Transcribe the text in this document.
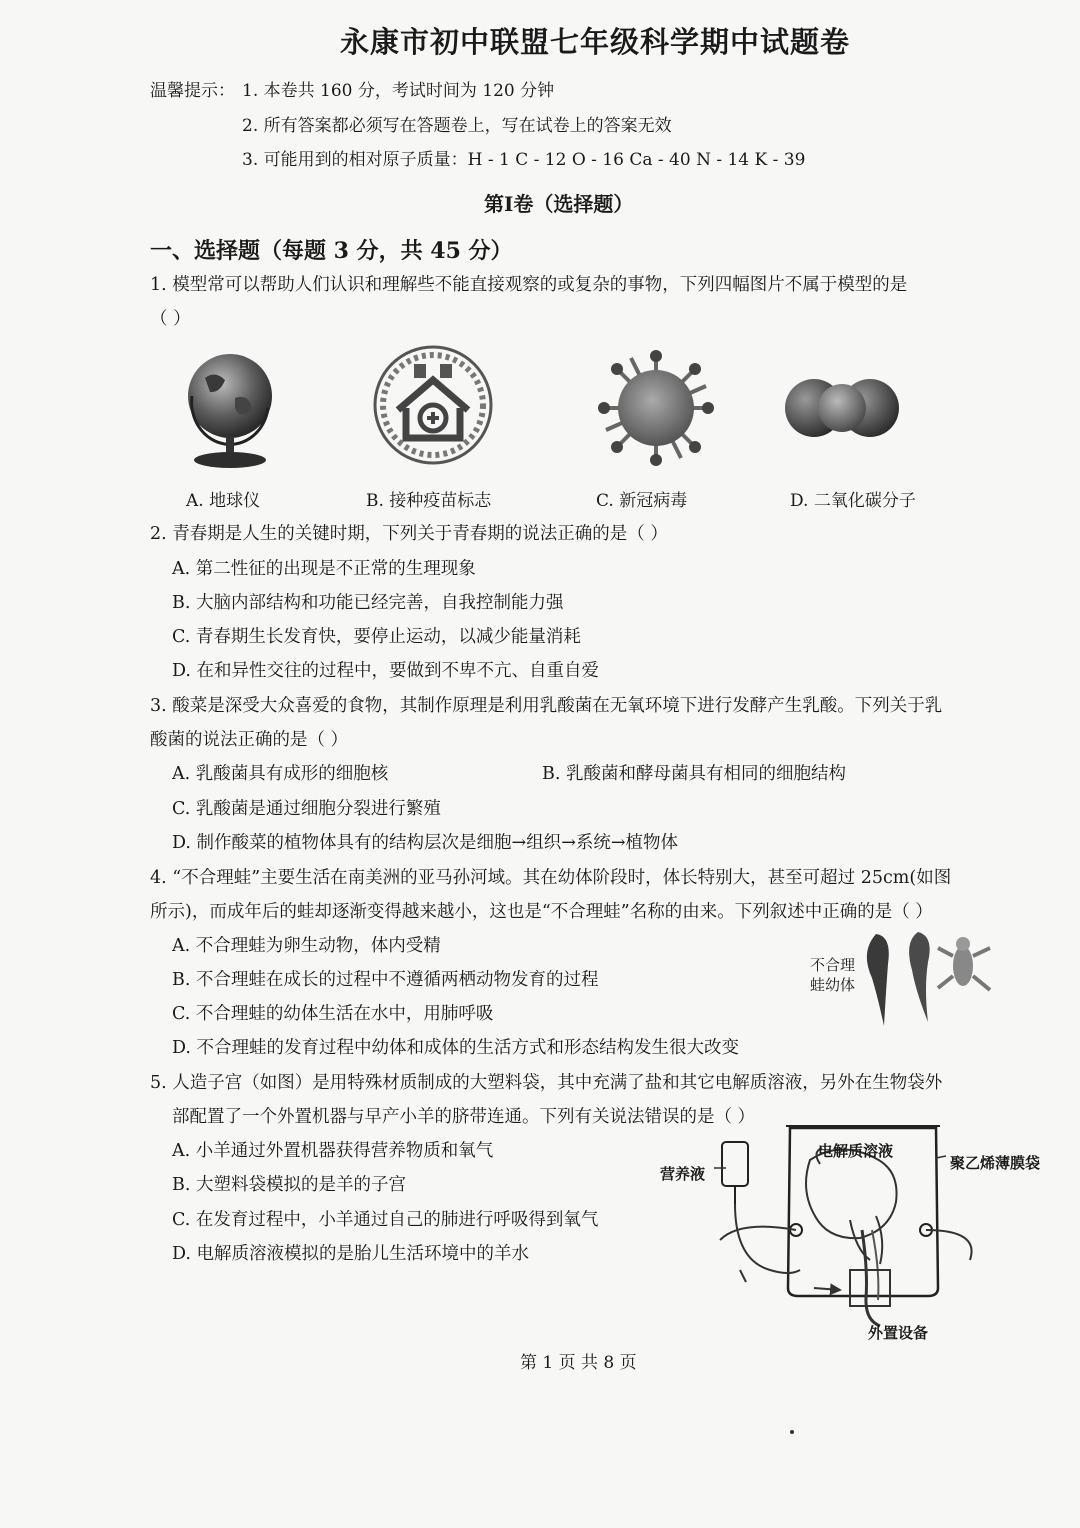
永康市初中联盟七年级科学期中试题卷
温馨提示： 1. 本卷共 160 分，考试时间为 120 分钟
2. 所有答案都必须写在答题卷上，写在试卷上的答案无效
3. 可能用到的相对原子质量：H - 1 C - 12 O - 16 Ca - 40 N - 14 K - 39
第Ⅰ卷（选择题）
一、选择题（每题 3 分，共 45 分）
1. 模型常可以帮助人们认识和理解些不能直接观察的或复杂的事物，下列四幅图片不属于模型的是
（ ）
A. 地球仪	B. 接种疫苗标志	C. 新冠病毒	D. 二氧化碳分子
2. 青春期是人生的关键时期，下列关于青春期的说法正确的是（ ）
A. 第二性征的出现是不正常的生理现象
B. 大脑内部结构和功能已经完善，自我控制能力强
C. 青春期生长发育快，要停止运动，以减少能量消耗
D. 在和异性交往的过程中，要做到不卑不亢、自重自爱
3. 酸菜是深受大众喜爱的食物，其制作原理是利用乳酸菌在无氧环境下进行发酵产生乳酸。下列关于乳
酸菌的说法正确的是（ ）
A. 乳酸菌具有成形的细胞核	B. 乳酸菌和酵母菌具有相同的细胞结构
C. 乳酸菌是通过细胞分裂进行繁殖
D. 制作酸菜的植物体具有的结构层次是细胞→组织→系统→植物体
4. “不合理蛙”主要生活在南美洲的亚马孙河域。其在幼体阶段时，体长特别大，甚至可超过 25cm(如图
所示)，而成年后的蛙却逐渐变得越来越小，这也是“不合理蛙”名称的由来。下列叙述中正确的是（ ）
A. 不合理蛙为卵生动物，体内受精
B. 不合理蛙在成长的过程中不遵循两栖动物发育的过程
C. 不合理蛙的幼体生活在水中，用肺呼吸
D. 不合理蛙的发育过程中幼体和成体的生活方式和形态结构发生很大改变
不合理
蛙幼体
5. 人造子宫（如图）是用特殊材质制成的大塑料袋，其中充满了盐和其它电解质溶液，另外在生物袋外
部配置了一个外置机器与早产小羊的脐带连通。下列有关说法错误的是（ ）
A. 小羊通过外置机器获得营养物质和氧气
B. 大塑料袋模拟的是羊的子宫
C. 在发育过程中，小羊通过自己的肺进行呼吸得到氧气
D. 电解质溶液模拟的是胎儿生活环境中的羊水
电解质溶液
聚乙烯薄膜袋
营养液
外置设备
第 1 页 共 8 页
